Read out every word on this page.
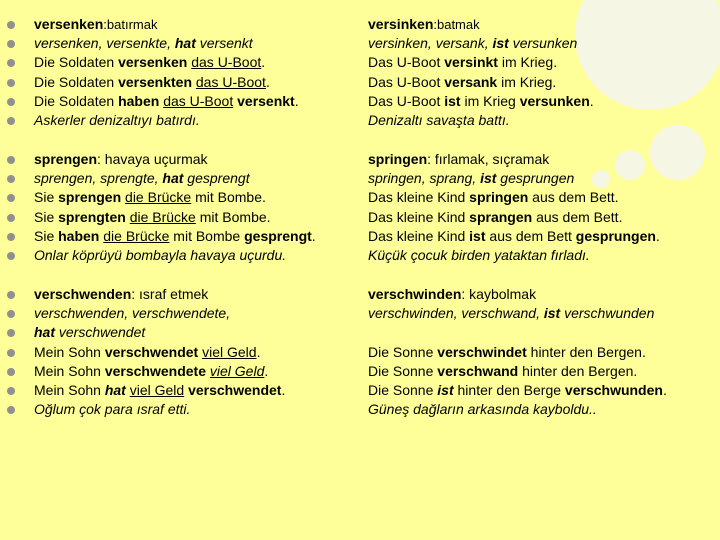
versenken:batırmak	versinken:batmak
versenken, versenkte, hat versenkt	versinken, versank, ist versunken
Die Soldaten versenken das U-Boot.	Das U-Boot versinkt im Krieg.
Die Soldaten versenkten das U-Boot.	Das U-Boot versank im Krieg.
Die Soldaten haben das U-Boot versenkt.	Das U-Boot ist im Krieg versunken.
Askerler denizaltıyı batırdı.	Denizaltı savaşta battı.
sprengen: havaya uçurmak	springen: fırlamak, sıçramak
sprengen, sprengte, hat gesprengt	springen, sprang, ist gesprungen
Sie sprengen die Brücke mit Bombe.	Das kleine Kind springen aus dem Bett.
Sie sprengten die Brücke mit Bombe.	Das kleine Kind sprangen aus dem Bett.
Sie haben die Brücke mit Bombe gesprengt.	Das kleine Kind ist aus dem Bett gesprungen.
Onlar köprüyü bombayla havaya uçurdu.	Küçük çocuk birden yataktan fırladı.
verschwenden: ısraf etmek	verschwinden: kaybolmak
verschwenden, verschwendete,	verschwinden, verschwand, ist verschwunden
hat verschwendet
Mein Sohn verschwendet viel Geld.	Die Sonne verschwindet hinter den Bergen.
Mein Sohn verschwendete viel Geld.	Die Sonne verschwand hinter den Bergen.
Mein Sohn hat viel Geld verschwendet.	Die Sonne ist hinter den Berge verschwunden.
Oğlum çok para ısraf etti.	Güneş dağların arkasında kayboldu..
